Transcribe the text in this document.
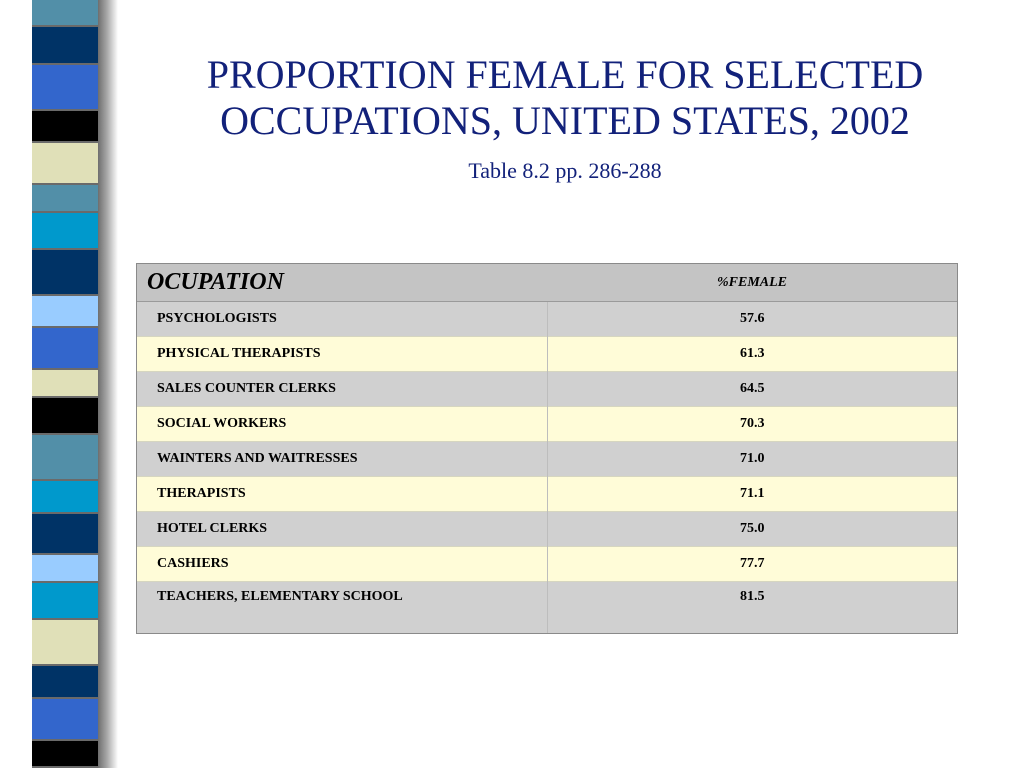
PROPORTION FEMALE FOR SELECTED OCCUPATIONS, UNITED STATES, 2002
Table 8.2 pp. 286-288
OCUPATION	%FEMALE
PSYCHOLOGISTS	57.6
PHYSICAL THERAPISTS	61.3
SALES COUNTER CLERKS	64.5
SOCIAL WORKERS	70.3
WAINTERS AND WAITRESSES	71.0
THERAPISTS	71.1
HOTEL CLERKS	75.0
CASHIERS	77.7
TEACHERS, ELEMENTARY SCHOOL	81.5
